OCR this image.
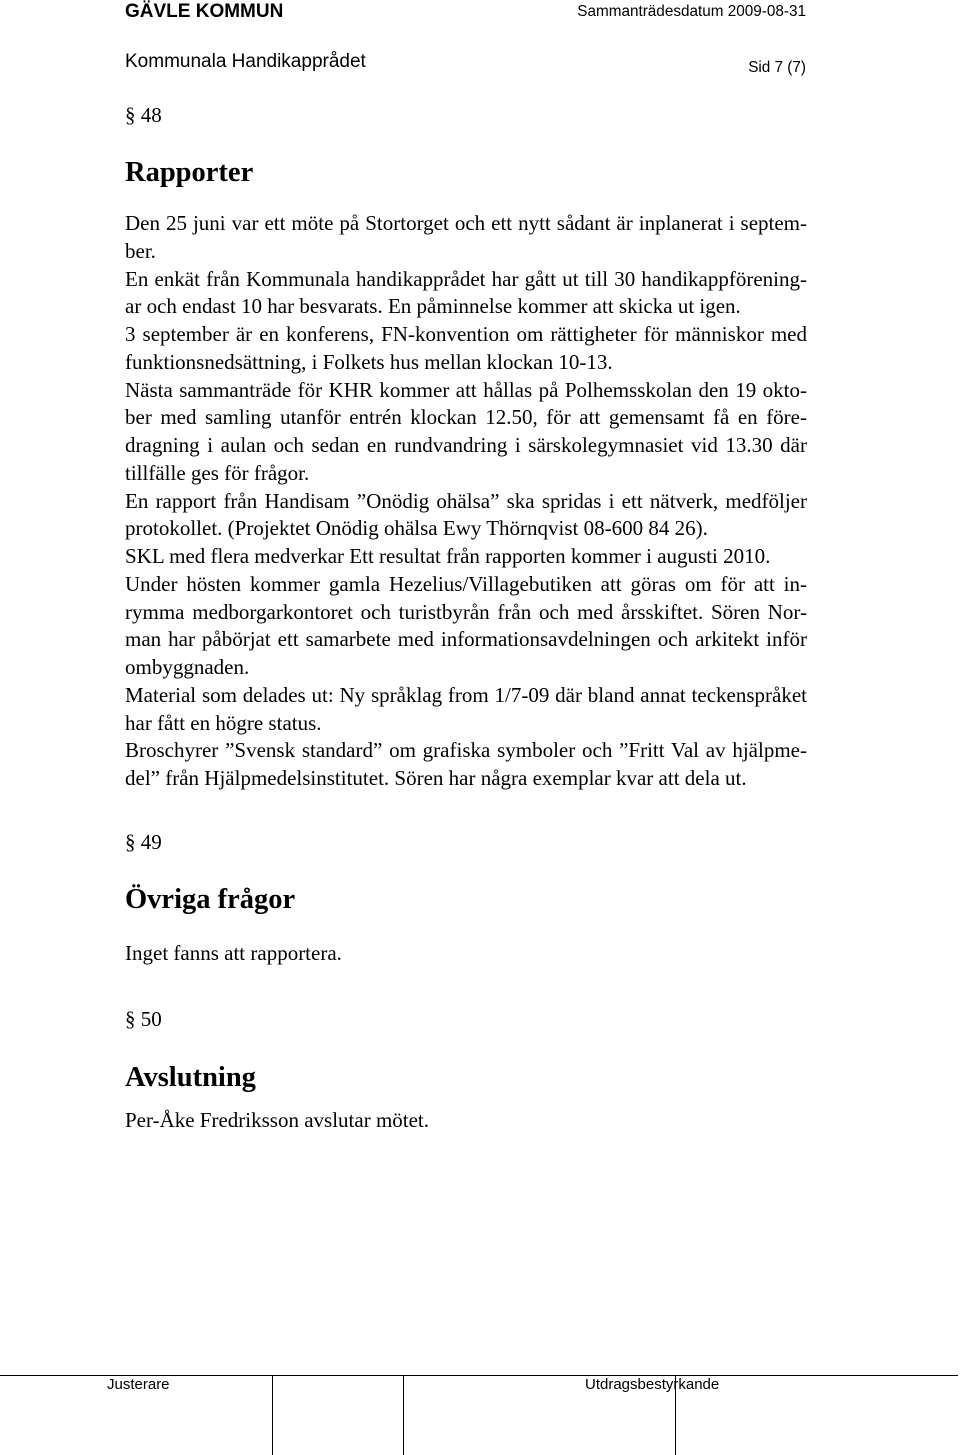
GÄVLE KOMMUN	Sammanträdesdatum 2009-08-31
Kommunala Handikapprådet	Sid 7 (7)
§ 48
Rapporter
Den 25 juni var ett möte på Stortorget och ett nytt sådant är inplanerat i septem-
ber.
En enkät från Kommunala handikapprådet har gått ut till 30 handikappförening-
ar och endast 10 har besvarats. En påminnelse kommer att skicka ut igen.
3 september är en konferens, FN-konvention om rättigheter för människor med
funktionsnedsättning, i Folkets hus mellan klockan 10-13.
Nästa sammanträde för KHR kommer att hållas på Polhemsskolan den 19 okto-
ber med samling utanför entrén klockan 12.50, för att gemensamt få en före-
dragning i aulan och sedan en rundvandring i särskolegymnasiet vid 13.30 där
tillfälle ges för frågor.
En rapport från Handisam ”Onödig ohälsa” ska spridas i ett nätverk, medföljer
protokollet. (Projektet Onödig ohälsa Ewy Thörnqvist 08-600 84 26).
SKL med flera medverkar Ett resultat från rapporten kommer i augusti 2010.
Under hösten kommer gamla Hezelius/Villagebutiken att göras om för att in-
rymma medborgarkontoret och turistbyrån från och med årsskiftet. Sören Nor-
man har påbörjat ett samarbete med informationsavdelningen och arkitekt inför
ombyggnaden.
Material som delades ut: Ny språklag from 1/7-09 där bland annat teckenspråket
har fått en högre status.
Broschyrer ”Svensk standard” om grafiska symboler och ”Fritt Val av hjälpme-
del” från Hjälpmedelsinstitutet. Sören har några exemplar kvar att dela ut.
§ 49
Övriga frågor
Inget fanns att rapportera.
§ 50
Avslutning
Per-Åke Fredriksson avslutar mötet.
Justerare	Utdragsbestyrkande
